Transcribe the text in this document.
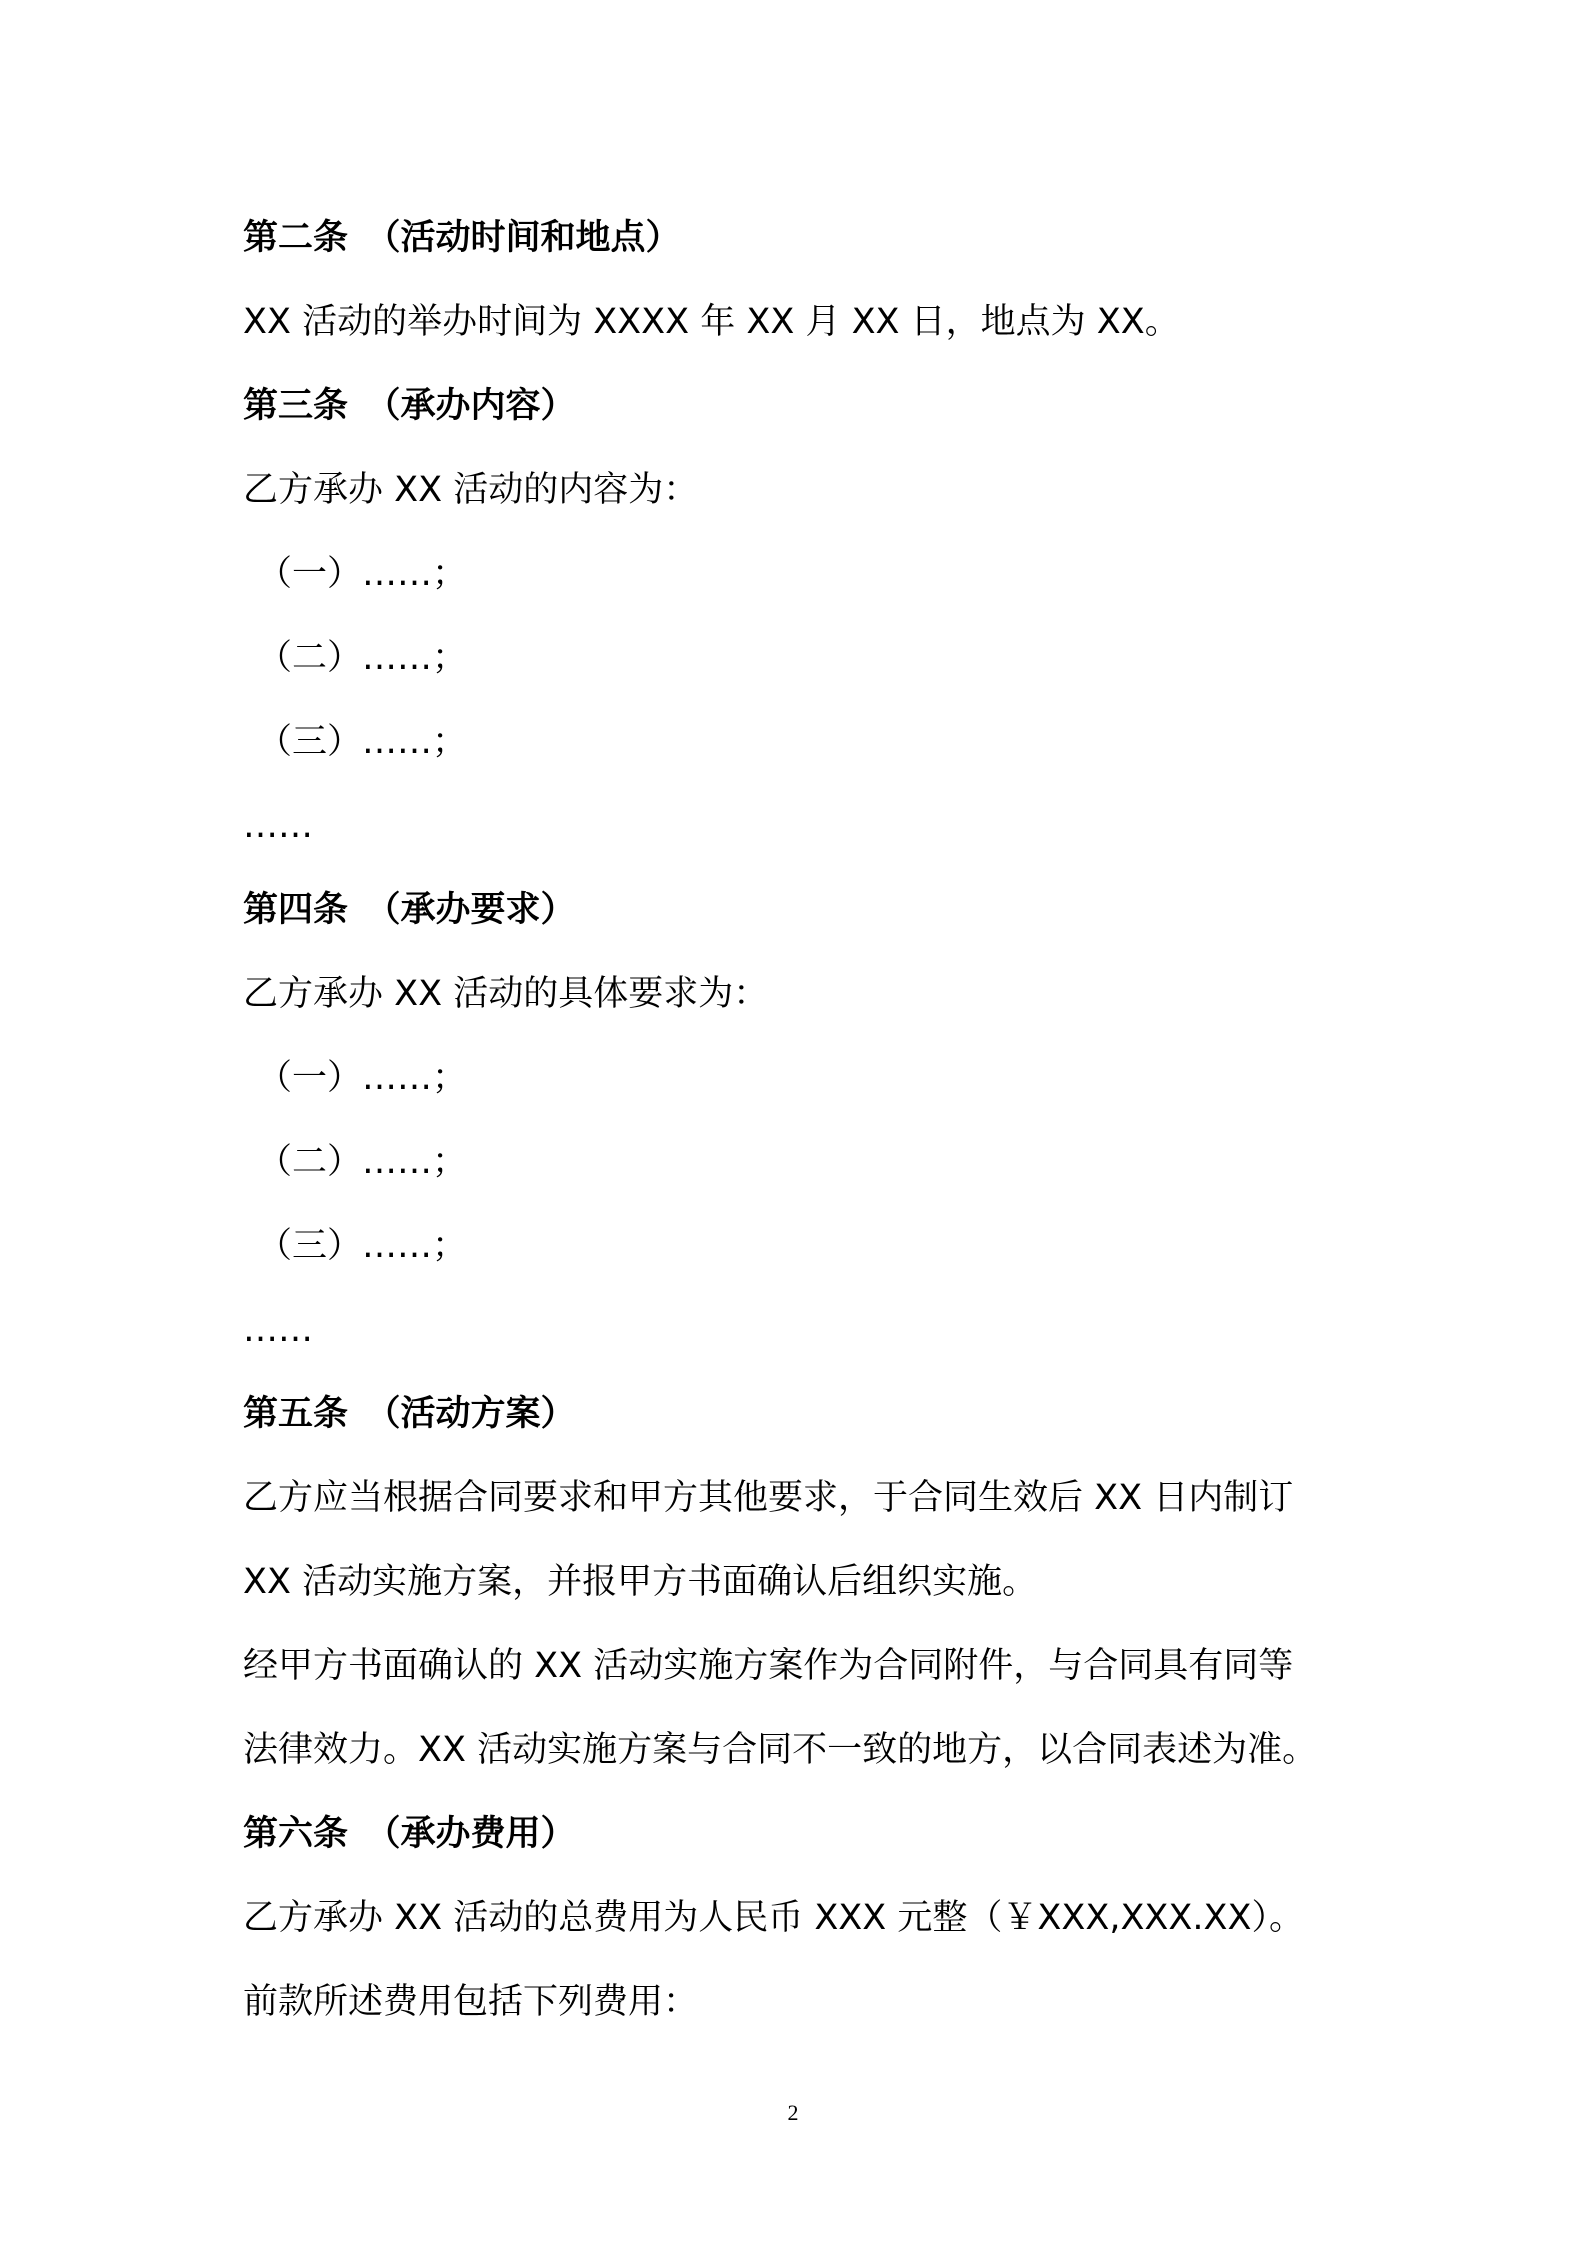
第二条　（活动时间和地点）
XX 活动的举办时间为 XXXX 年 XX 月 XX 日，地点为 XX。
第三条　（承办内容）
乙方承办 XX 活动的内容为：
（一）……；
（二）……；
（三）……；
……
第四条　（承办要求）
乙方承办 XX 活动的具体要求为：
（一）……；
（二）……；
（三）……；
……
第五条　（活动方案）
乙方应当根据合同要求和甲方其他要求，于合同生效后 XX 日内制订
XX 活动实施方案，并报甲方书面确认后组织实施。
经甲方书面确认的 XX 活动实施方案作为合同附件，与合同具有同等
法律效力。XX 活动实施方案与合同不一致的地方，以合同表述为准。
第六条　（承办费用）
乙方承办 XX 活动的总费用为人民币 XXX 元整（￥XXX,XXX.XX）。
前款所述费用包括下列费用：
2
